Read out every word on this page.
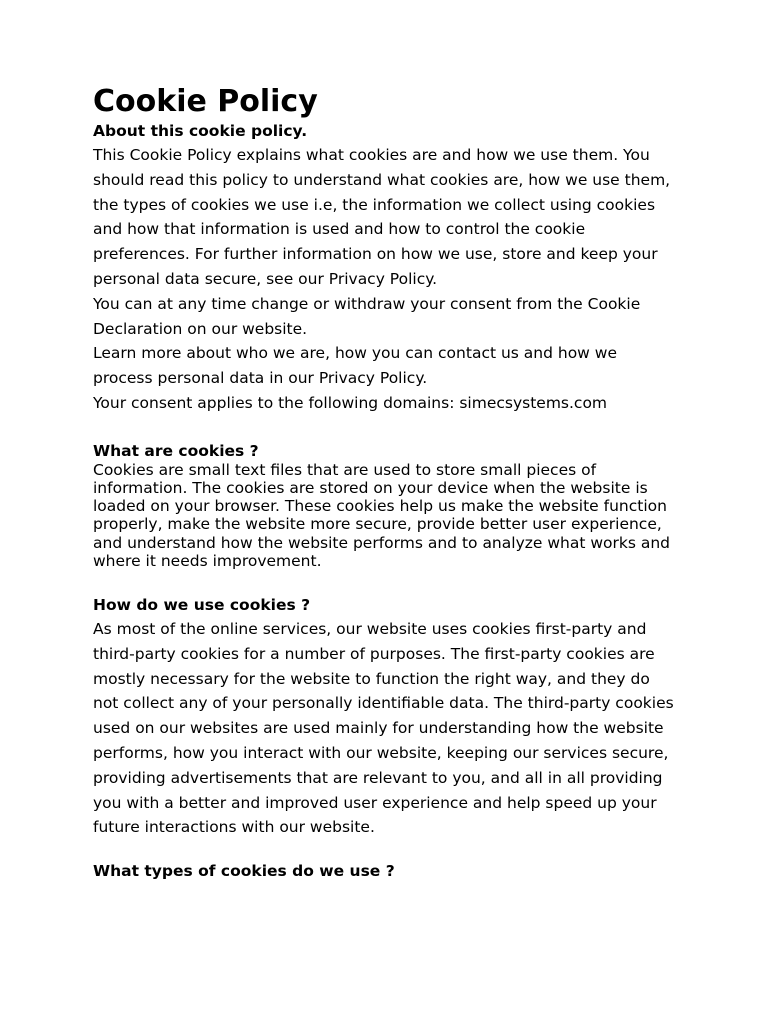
Cookie Policy
About this cookie policy.

This Cookie Policy explains what cookies are and how we use them. You should read this policy to understand what cookies are, how we use them, the types of cookies we use i.e, the information we collect using cookies and how that information is used and how to control the cookie preferences. For further information on how we use, store and keep your personal data secure, see our Privacy Policy.

You can at any time change or withdraw your consent from the Cookie Declaration on our website.

Learn more about who we are, how you can contact us and how we process personal data in our Privacy Policy.

Your consent applies to the following domains: simecsystems.com

What are cookies ?

Cookies are small text files that are used to store small pieces of information. The cookies are stored on your device when the website is loaded on your browser. These cookies help us make the website function properly, make the website more secure, provide better user experience, and understand how the website performs and to analyze what works and where it needs improvement.

How do we use cookies ?

As most of the online services, our website uses cookies first-party and third-party cookies for a number of purposes. The first-party cookies are mostly necessary for the website to function the right way, and they do not collect any of your personally identifiable data. The third-party cookies used on our websites are used mainly for understanding how the website performs, how you interact with our website, keeping our services secure, providing advertisements that are relevant to you, and all in all providing you with a better and improved user experience and help speed up your future interactions with our website.

What types of cookies do we use ?
